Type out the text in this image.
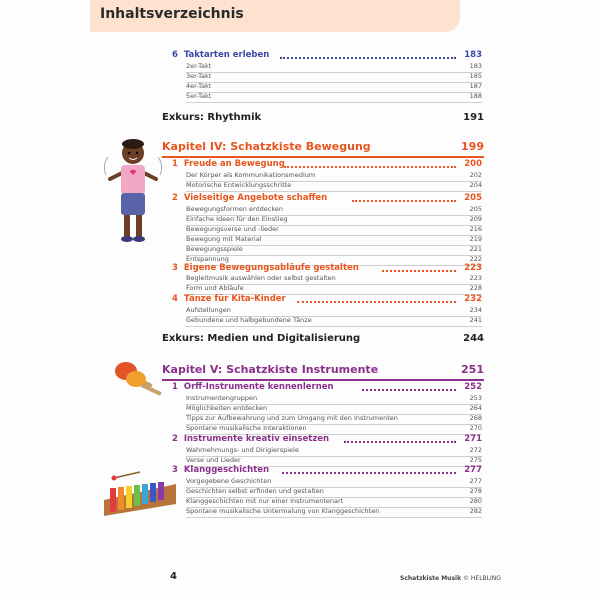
Inhaltsverzeichnis
6 Taktarten erleben	183
2er-Takt	183
3er-Takt	185
4er-Takt	187
5er-Takt	188
Exkurs: Rhythmik	191
Kapitel IV: Schatzkiste Bewegung	199
1 Freude an Bewegung	200
Der Körper als Kommunikationsmedium	202
Motorische Entwicklungsschritte	204
2 Vielseitige Angebote schaffen	205
Bewegungsformen entdecken	205
Einfache Ideen für den Einstieg	209
Bewegungsverse und -lieder	216
Bewegung mit Material	219
Bewegungsspiele	221
Entspannung	222
3 Eigene Bewegungsabläufe gestalten	223
Begleitmusik auswählen oder selbst gestalten	223
Form und Abläufe	228
4 Tänze für Kita-Kinder	232
Aufstellungen	234
Gebundene und halbgebundene Tänze	241
Exkurs: Medien und Digitalisierung	244
Kapitel V: Schatzkiste Instrumente	251
1 Orff-Instrumente kennenlernen	252
Instrumentengruppen	253
Möglichkeiten entdecken	264
Tipps zur Aufbewahrung und zum Umgang mit den Instrumenten	268
Spontane musikalische Interaktionen	270
2 Instrumente kreativ einsetzen	271
Wahrnehmungs- und Dirigierspiele	272
Verse und Lieder	275
3 Klanggeschichten	277
Vorgegebene Geschichten	277
Geschichten selbst erfinden und gestalten	278
Klanggeschichten mit nur einer Instrumentenart	280
Spontane musikalische Untermalung von Klanggeschichten	282
4	Schatzkiste Musik © HELBLING
